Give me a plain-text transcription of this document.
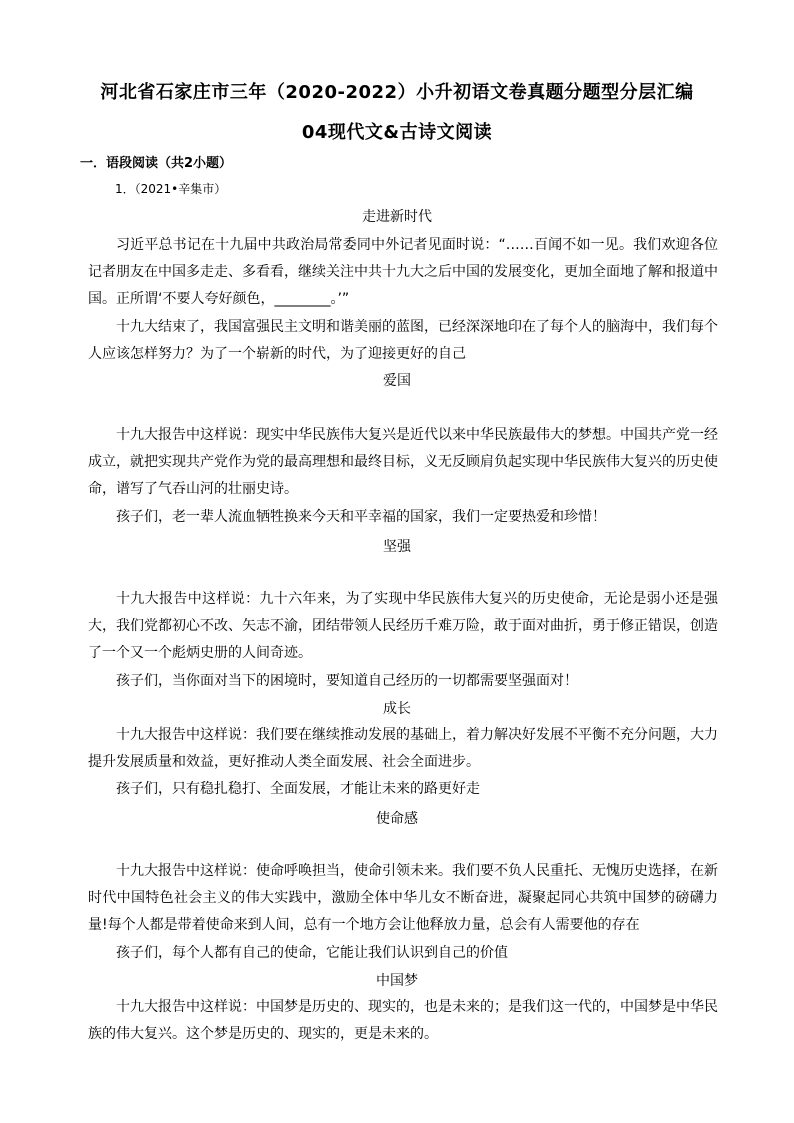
河北省石家庄市三年（2020-2022）小升初语文卷真题分题型分层汇编
04现代文&古诗文阅读
一．语段阅读（共2小题）
1．（2021•辛集市）
走进新时代

习近平总书记在十九届中共政治局常委同中外记者见面时说：“……百闻不如一见。我们欢迎各位记者朋友在中国多走走、多看看，继续关注中共十九大之后中国的发展变化，更加全面地了解和报道中国。正所谓‘不要人夸好颜色，________。’”

十九大结束了，我国富强民主文明和谐美丽的蓝图，已经深深地印在了每个人的脑海中，我们每个人应该怎样努力？为了一个崭新的时代，为了迎接更好的自己

爱国

十九大报告中这样说：现实中华民族伟大复兴是近代以来中华民族最伟大的梦想。中国共产党一经成立，就把实现共产党作为党的最高理想和最终目标，义无反顾肩负起实现中华民族伟大复兴的历史使命，谱写了气吞山河的壮丽史诗。

孩子们，老一辈人流血牺牲换来今天和平幸福的国家，我们一定要热爱和珍惜！

坚强

十九大报告中这样说：九十六年来，为了实现中华民族伟大复兴的历史使命，无论是弱小还是强大，我们党都初心不改、矢志不渝，团结带领人民经历千难万险，敢于面对曲折，勇于修正错误，创造了一个又一个彪炳史册的人间奇迹。

孩子们，当你面对当下的困境时，要知道自己经历的一切都需要坚强面对！

成长

十九大报告中这样说：我们要在继续推动发展的基础上，着力解决好发展不平衡不充分问题，大力提升发展质量和效益，更好推动人类全面发展、社会全面进步。

孩子们，只有稳扎稳打、全面发展，才能让未来的路更好走

使命感

十九大报告中这样说：使命呼唤担当，使命引领未来。我们要不负人民重托、无愧历史选择，在新时代中国特色社会主义的伟大实践中，激励全体中华儿女不断奋进，凝聚起同心共筑中国梦的磅礴力量!每个人都是带着使命来到人间，总有一个地方会让他释放力量，总会有人需要他的存在

孩子们，每个人都有自己的使命，它能让我们认识到自己的价值

中国梦

十九大报告中这样说：中国梦是历史的、现实的，也是未来的；是我们这一代的，中国梦是中华民族的伟大复兴。这个梦是历史的、现实的，更是未来的。
